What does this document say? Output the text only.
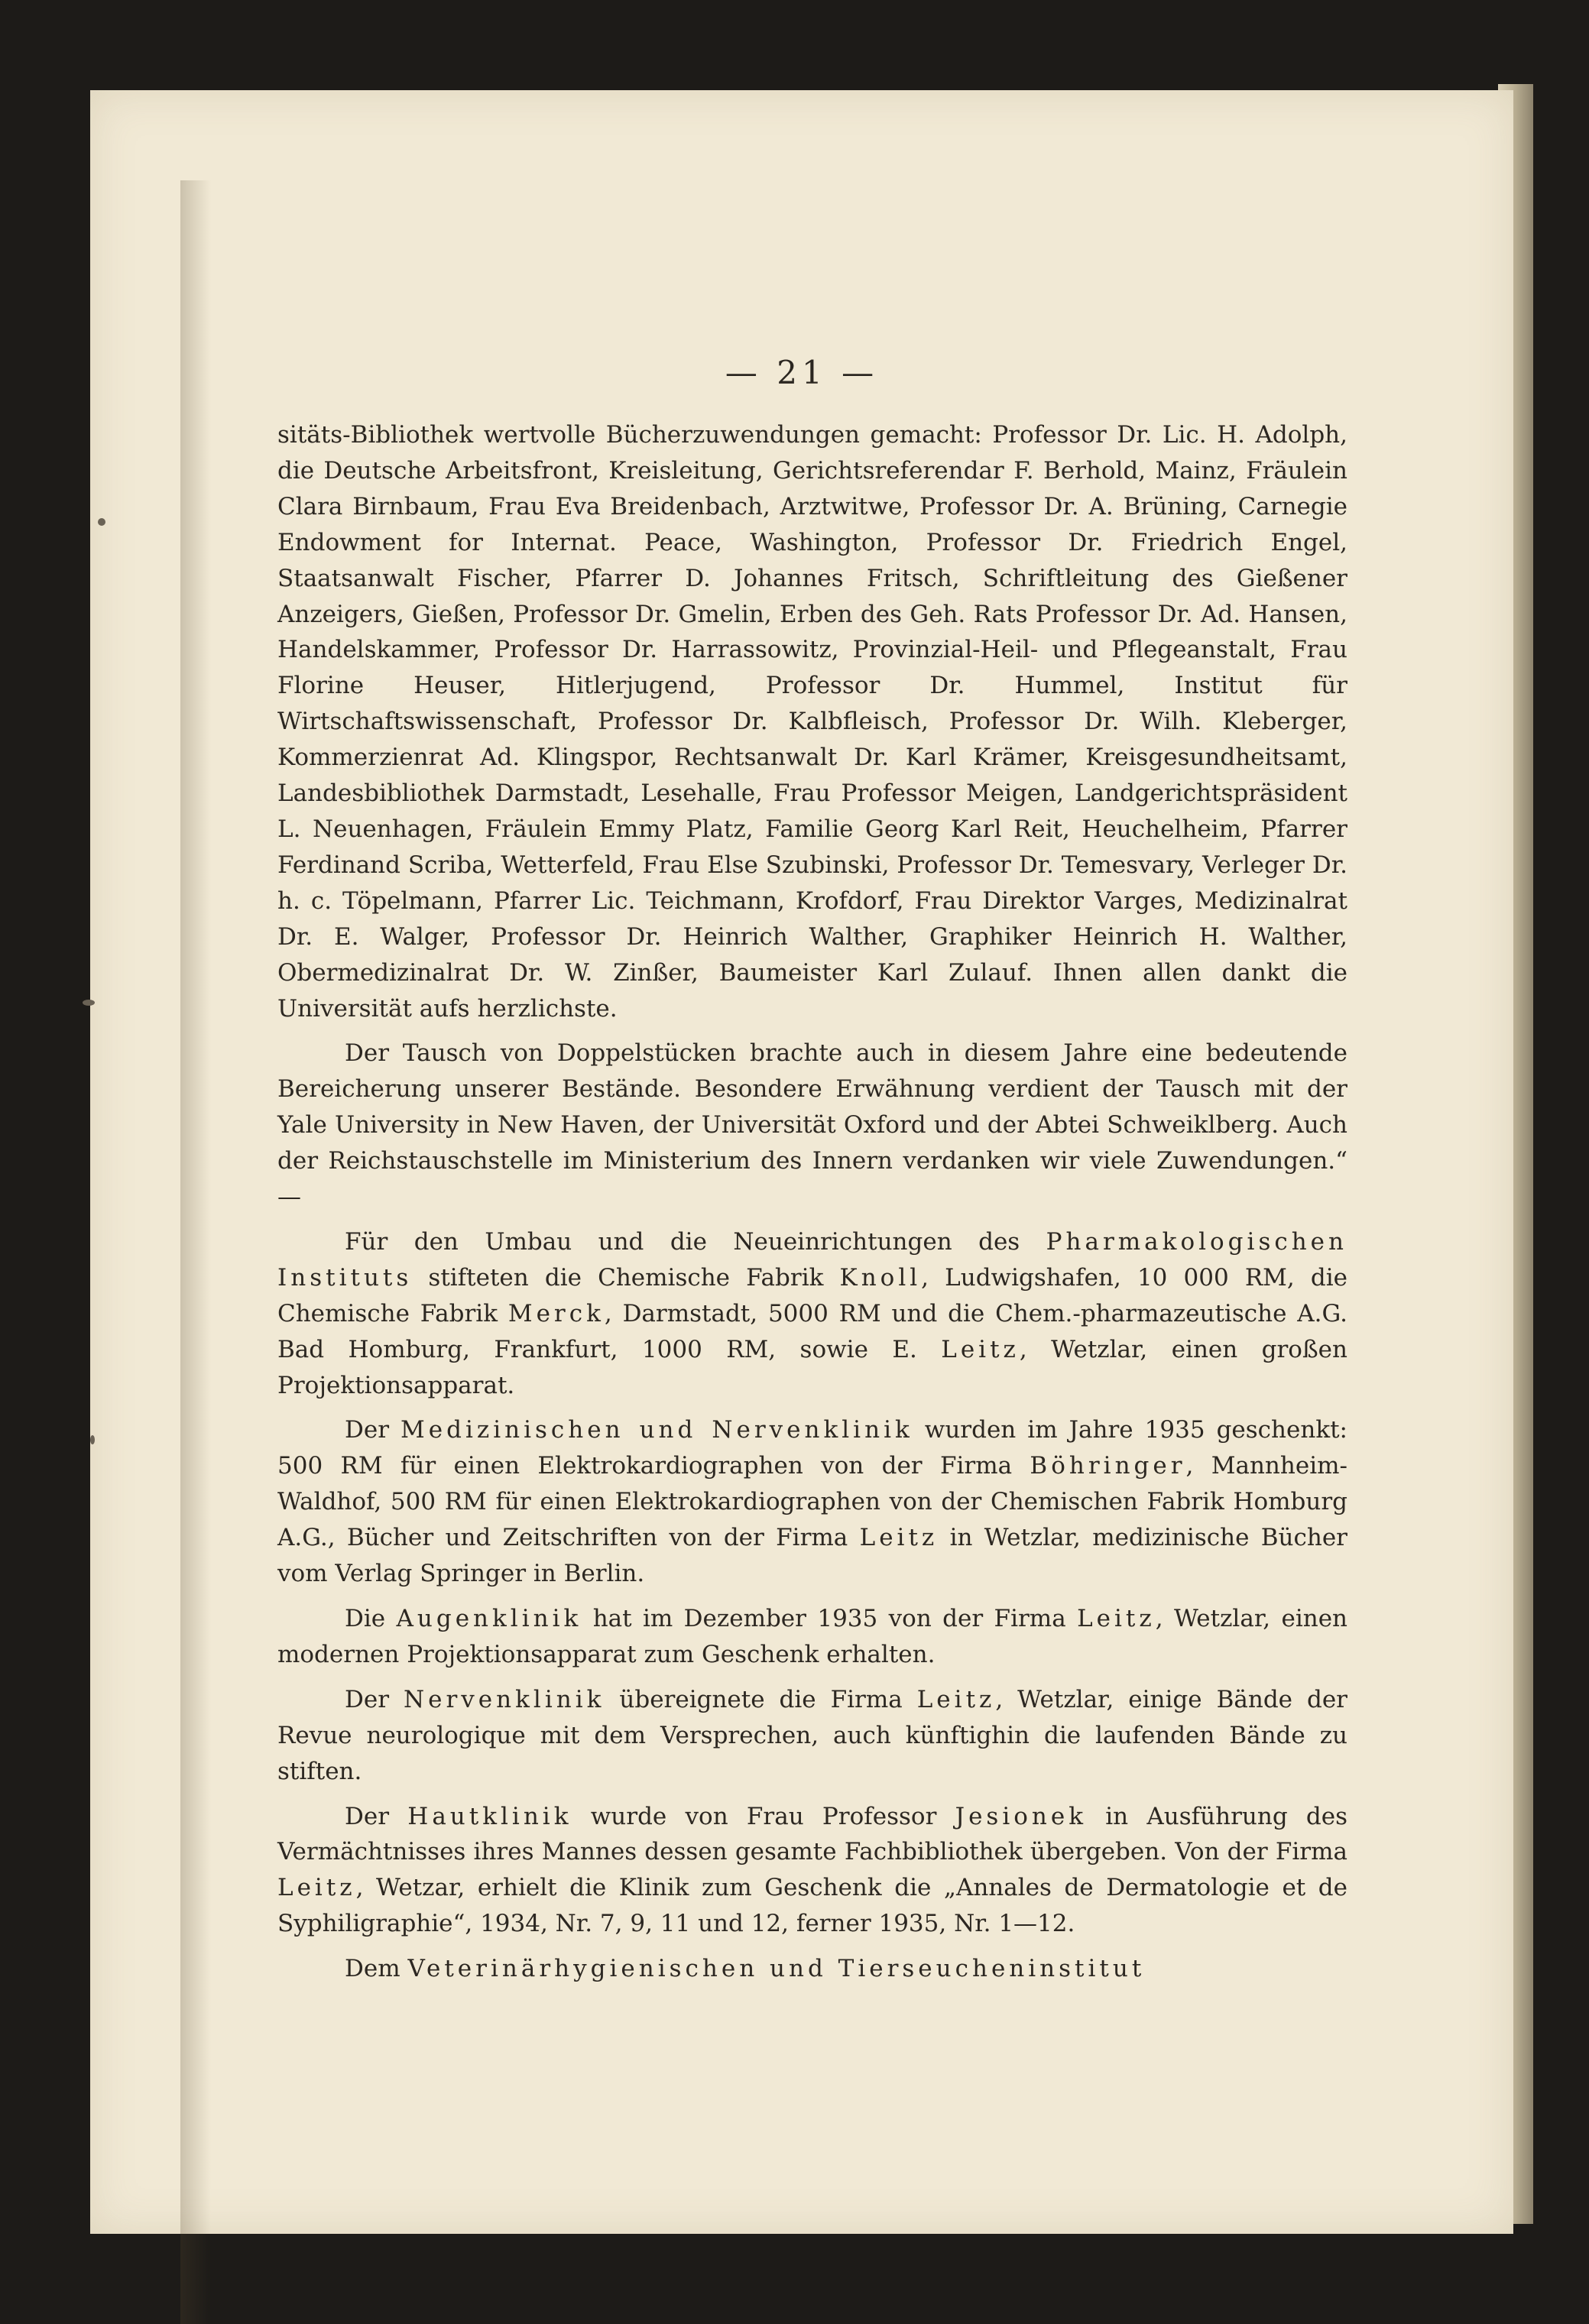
— 21 —

sitäts-Bibliothek wertvolle Bücherzuwendungen gemacht: Professor Dr. Lic. H. Adolph, die Deutsche Arbeitsfront, Kreisleitung, Gerichtsreferendar F. Berhold, Mainz, Fräulein Clara Birnbaum, Frau Eva Breidenbach, Arztwitwe, Professor Dr. A. Brüning, Carnegie Endowment for Internat. Peace, Washington, Professor Dr. Friedrich Engel, Staatsanwalt Fischer, Pfarrer D. Johannes Fritsch, Schriftleitung des Gießener Anzeigers, Gießen, Professor Dr. Gmelin, Erben des Geh. Rats Professor Dr. Ad. Hansen, Handelskammer, Professor Dr. Harrassowitz, Provinzial-Heil- und Pflegeanstalt, Frau Florine Heuser, Hitlerjugend, Professor Dr. Hummel, Institut für Wirtschaftswissenschaft, Professor Dr. Kalbfleisch, Professor Dr. Wilh. Kleberger, Kommerzienrat Ad. Klingspor, Rechtsanwalt Dr. Karl Krämer, Kreisgesundheitsamt, Landesbibliothek Darmstadt, Lesehalle, Frau Professor Meigen, Landgerichtspräsident L. Neuenhagen, Fräulein Emmy Platz, Familie Georg Karl Reit, Heuchelheim, Pfarrer Ferdinand Scriba, Wetterfeld, Frau Else Szubinski, Professor Dr. Temesvary, Verleger Dr. h. c. Töpelmann, Pfarrer Lic. Teichmann, Krofdorf, Frau Direktor Varges, Medizinalrat Dr. E. Walger, Professor Dr. Heinrich Walther, Graphiker Heinrich H. Walther, Obermedizinalrat Dr. W. Zinßer, Baumeister Karl Zulauf. Ihnen allen dankt die Universität aufs herzlichste.

Der Tausch von Doppelstücken brachte auch in diesem Jahre eine bedeutende Bereicherung unserer Bestände. Besondere Erwähnung verdient der Tausch mit der Yale University in New Haven, der Universität Oxford und der Abtei Schweiklberg. Auch der Reichstauschstelle im Ministerium des Innern verdanken wir viele Zuwendungen.“ —

Für den Umbau und die Neueinrichtungen des Pharmakologischen Instituts stifteten die Chemische Fabrik Knoll, Ludwigshafen, 10 000 RM, die Chemische Fabrik Merck, Darmstadt, 5000 RM und die Chem.-pharmazeutische A.G. Bad Homburg, Frankfurt, 1000 RM, sowie E. Leitz, Wetzlar, einen großen Projektionsapparat.

Der Medizinischen und Nervenklinik wurden im Jahre 1935 geschenkt: 500 RM für einen Elektrokardiographen von der Firma Böhringer, Mannheim-Waldhof, 500 RM für einen Elektrokardiographen von der Chemischen Fabrik Homburg A.G., Bücher und Zeitschriften von der Firma Leitz in Wetzlar, medizinische Bücher vom Verlag Springer in Berlin.

Die Augenklinik hat im Dezember 1935 von der Firma Leitz, Wetzlar, einen modernen Projektionsapparat zum Geschenk erhalten.

Der Nervenklinik übereignete die Firma Leitz, Wetzlar, einige Bände der Revue neurologique mit dem Versprechen, auch künftighin die laufenden Bände zu stiften.

Der Hautklinik wurde von Frau Professor Jesionek in Ausführung des Vermächtnisses ihres Mannes dessen gesamte Fachbibliothek übergeben. Von der Firma Leitz, Wetzar, erhielt die Klinik zum Geschenk die „Annales de Dermatologie et de Syphiligraphie“, 1934, Nr. 7, 9, 11 und 12, ferner 1935, Nr. 1—12.

Dem Veterinärhygienischen und Tierseucheninstitut
